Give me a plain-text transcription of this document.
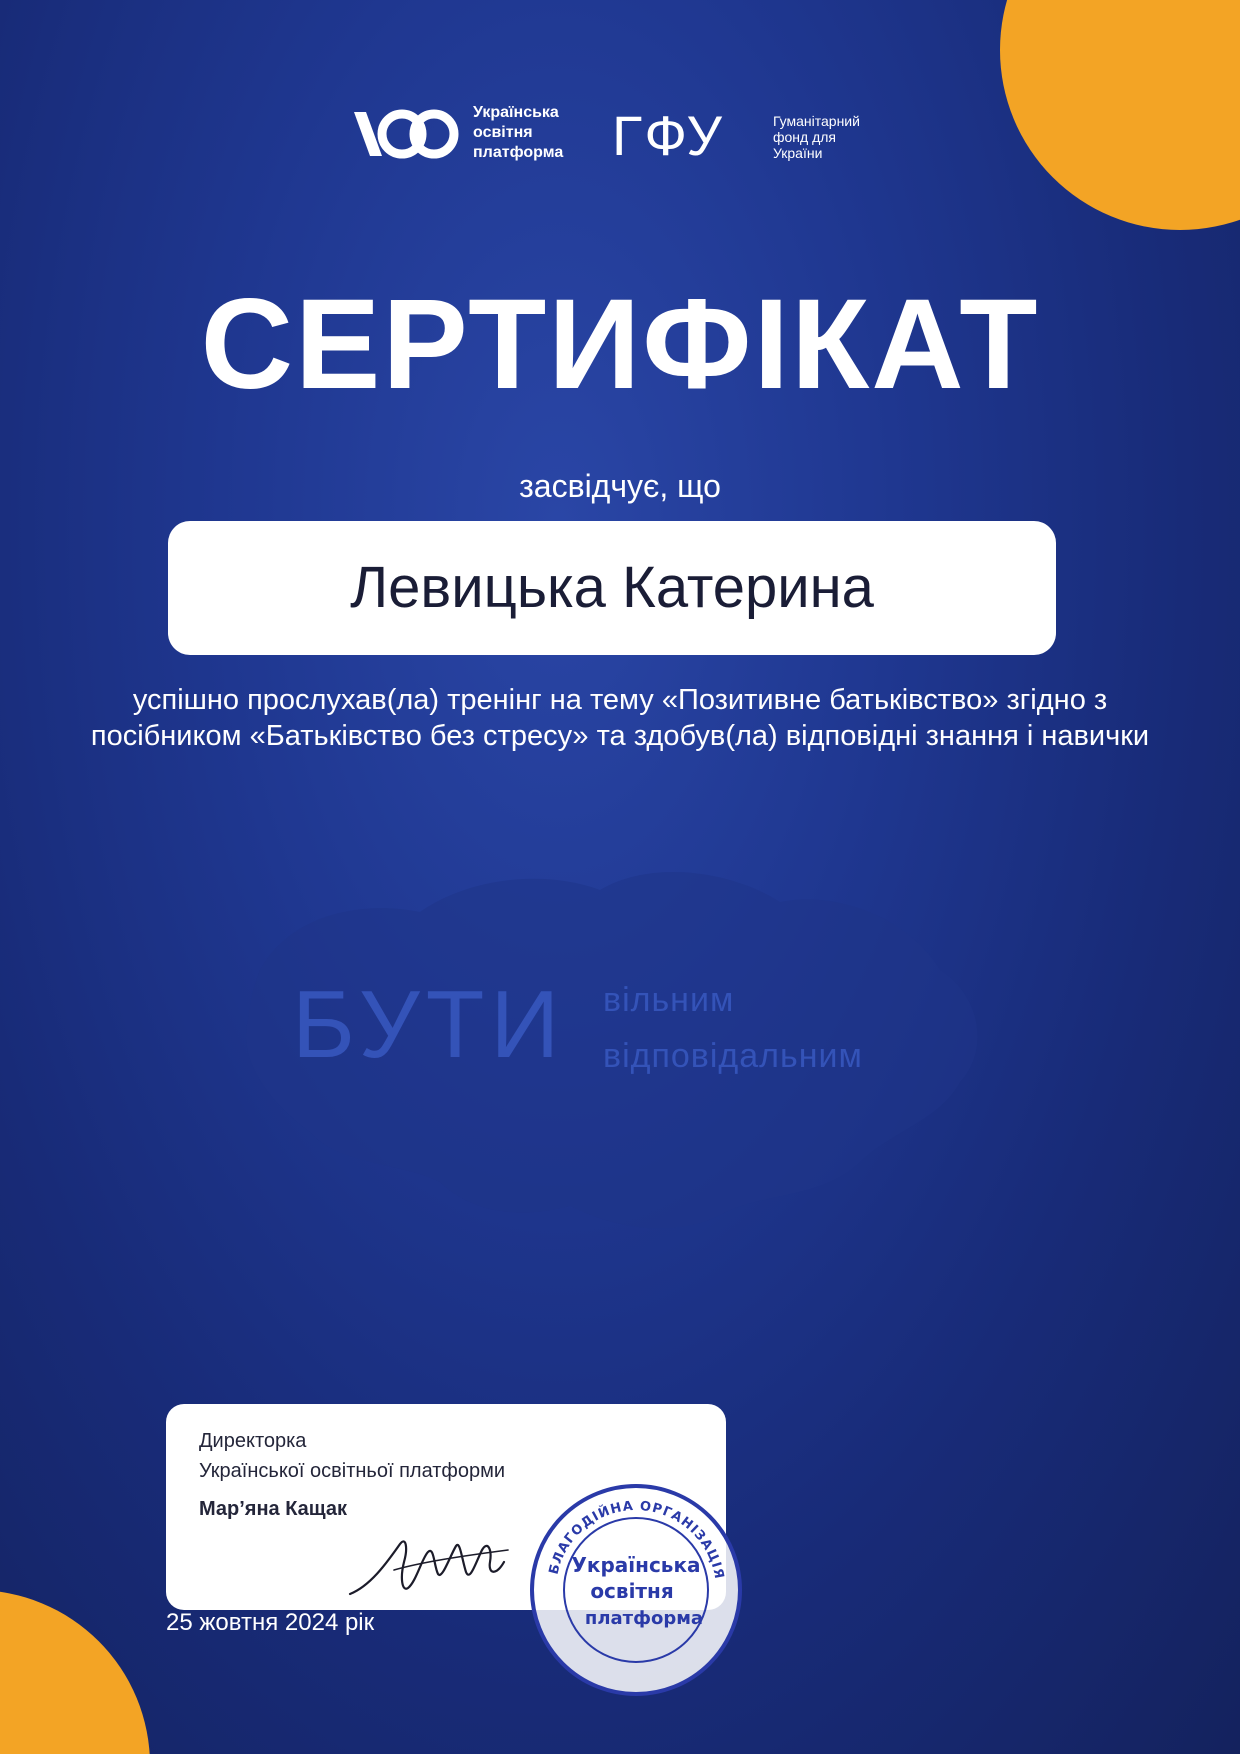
Українська
освітня
платформа ГФУ	Гуманітарний
фонд для
України
СЕРТИФІКАТ
засвідчує, що
Левицька Катерина
успішно прослухав(ла) тренінг на тему «Позитивне батьківство» згідно з посібником «Батьківство без стресу» та здобув(ла) відповідні знання і навички
БУТИ вільним
відповідальним
Директорка
Української освітньої платформи
Мар’яна Кащак
25 жовтня 2024 рік
БЛАГОДІЙНА ОРГАНІЗАЦІЯ
Українська
освітня
платформа
